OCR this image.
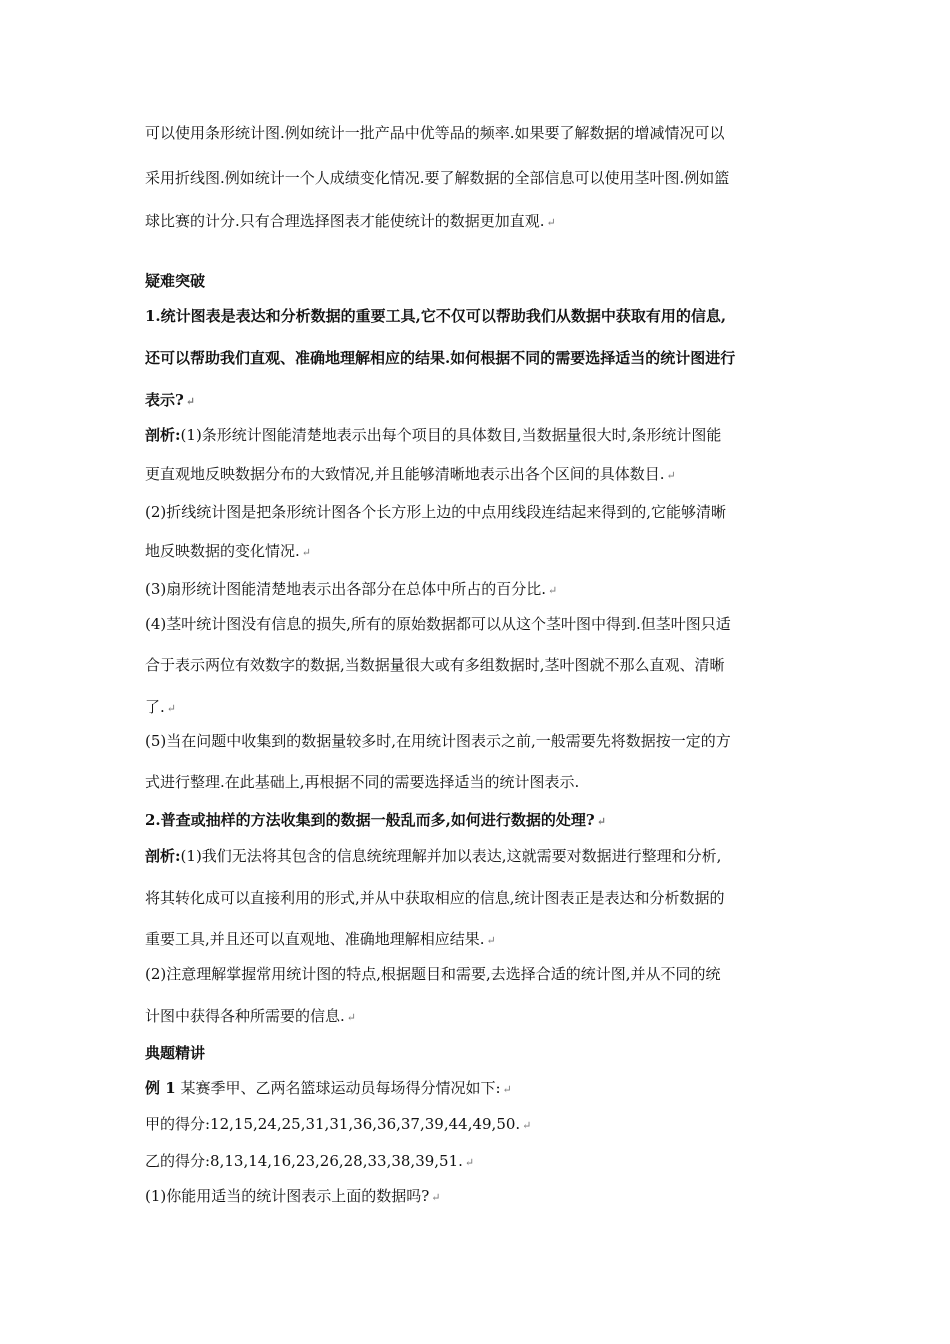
可以使用条形统计图.例如统计一批产品中优等品的频率.如果要了解数据的增减情况可以
采用折线图.例如统计一个人成绩变化情况.要了解数据的全部信息可以使用茎叶图.例如篮
球比赛的计分.只有合理选择图表才能使统计的数据更加直观. ↵
疑难突破
1.统计图表是表达和分析数据的重要工具,它不仅可以帮助我们从数据中获取有用的信息,
还可以帮助我们直观、准确地理解相应的结果.如何根据不同的需要选择适当的统计图进行
表示? ↵
剖析:(1)条形统计图能清楚地表示出每个项目的具体数目,当数据量很大时,条形统计图能
更直观地反映数据分布的大致情况,并且能够清晰地表示出各个区间的具体数目. ↵
(2)折线统计图是把条形统计图各个长方形上边的中点用线段连结起来得到的,它能够清晰
地反映数据的变化情况. ↵
(3)扇形统计图能清楚地表示出各部分在总体中所占的百分比. ↵
(4)茎叶统计图没有信息的损失,所有的原始数据都可以从这个茎叶图中得到.但茎叶图只适
合于表示两位有效数字的数据,当数据量很大或有多组数据时,茎叶图就不那么直观、清晰
了. ↵
(5)当在问题中收集到的数据量较多时,在用统计图表示之前,一般需要先将数据按一定的方
式进行整理.在此基础上,再根据不同的需要选择适当的统计图表示.
2.普查或抽样的方法收集到的数据一般乱而多,如何进行数据的处理? ↵
剖析:(1)我们无法将其包含的信息统统理解并加以表达,这就需要对数据进行整理和分析,
将其转化成可以直接利用的形式,并从中获取相应的信息,统计图表正是表达和分析数据的
重要工具,并且还可以直观地、准确地理解相应结果. ↵
(2)注意理解掌握常用统计图的特点,根据题目和需要,去选择合适的统计图,并从不同的统
计图中获得各种所需要的信息. ↵
典题精讲
例 1 某赛季甲、乙两名篮球运动员每场得分情况如下: ↵
甲的得分:12,15,24,25,31,31,36,36,37,39,44,49,50. ↵
乙的得分:8,13,14,16,23,26,28,33,38,39,51. ↵
(1)你能用适当的统计图表示上面的数据吗? ↵
